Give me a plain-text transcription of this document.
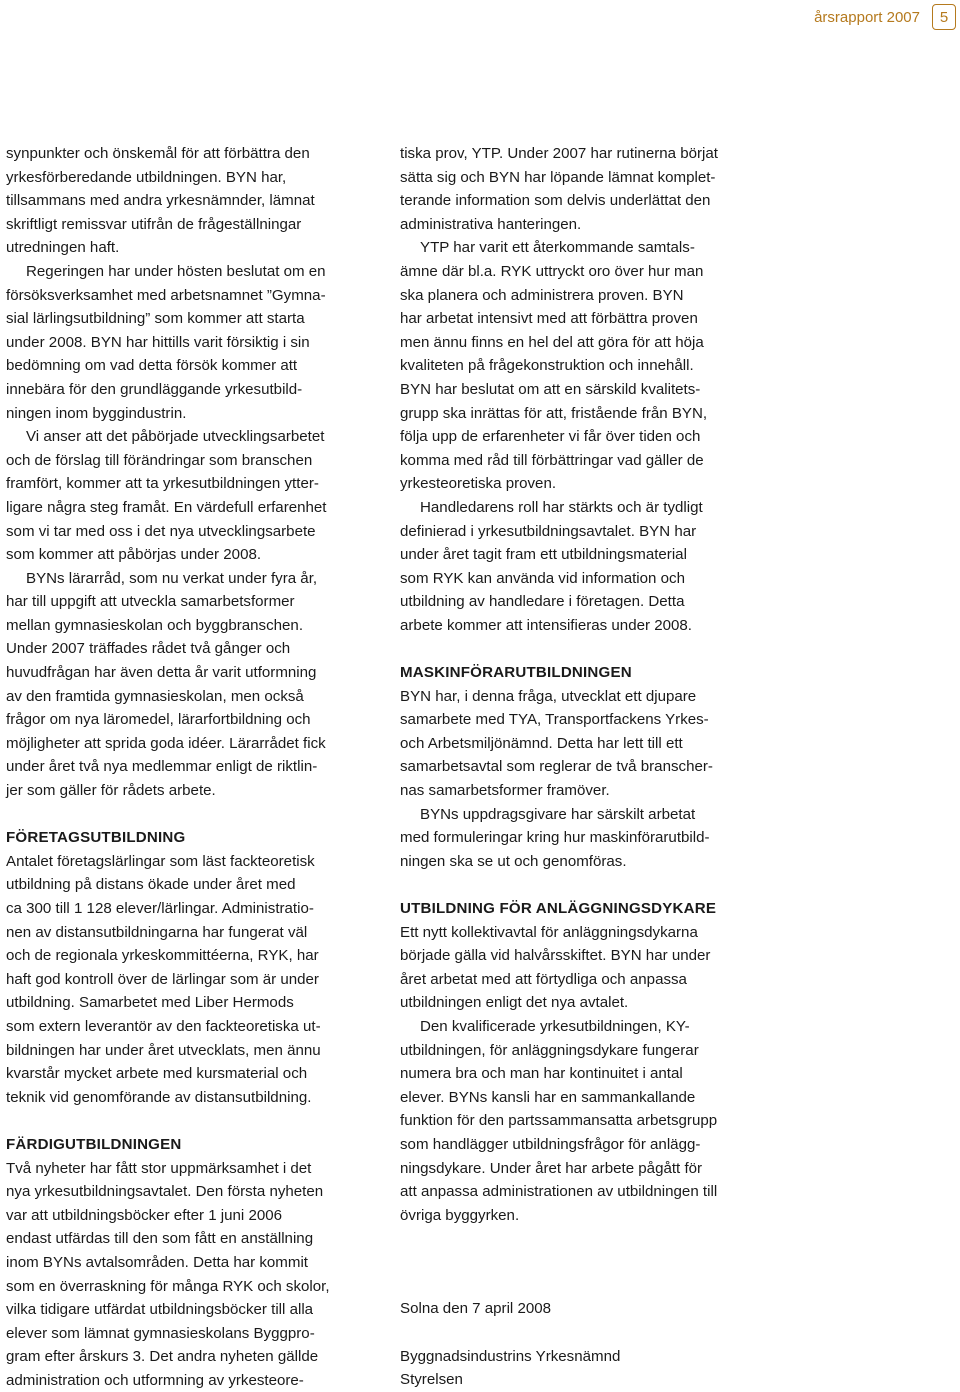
årsrapport 2007	5

synpunkter och önskemål för att förbättra den
yrkesförberedande utbildningen. BYN har,
tillsammans med andra yrkesnämnder, lämnat
skriftligt remissvar utifrån de frågeställningar
utredningen haft.

Regeringen har under hösten beslutat om en
försöksverksamhet med arbetsnamnet ”Gymna-
sial lärlingsutbildning” som kommer att starta
under 2008. BYN har hittills varit försiktig i sin
bedömning om vad detta försök kommer att
innebära för den grundläggande yrkesutbild-
ningen inom byggindustrin.

Vi anser att det påbörjade utvecklingsarbetet
och de förslag till förändringar som branschen
framfört, kommer att ta yrkesutbildningen ytter-
ligare några steg framåt. En värdefull erfarenhet
som vi tar med oss i det nya utvecklingsarbete
som kommer att påbörjas under 2008.

BYNs lärarråd, som nu verkat under fyra år,
har till uppgift att utveckla samarbetsformer
mellan gymnasieskolan och byggbranschen.
Under 2007 träffades rådet två gånger och
huvudfrågan har även detta år varit utformning
av den framtida gymnasieskolan, men också
frågor om nya läromedel, lärarfortbildning och
möjligheter att sprida goda idéer. Lärarrådet fick
under året två nya medlemmar enligt de riktlin-
jer som gäller för rådets arbete.

FÖRETAGSUTBILDNING

Antalet företagslärlingar som läst fackteoretisk
utbildning på distans ökade under året med
ca 300 till 1 128 elever/lärlingar. Administratio-
nen av distansutbildningarna har fungerat väl
och de regionala yrkeskommittéerna, RYK, har
haft god kontroll över de lärlingar som är under
utbildning. Samarbetet med Liber Hermods
som extern leverantör av den fackteoretiska ut-
bildningen har under året utvecklats, men ännu
kvarstår mycket arbete med kursmaterial och
teknik vid genomförande av distansutbildning.

FÄRDIGUTBILDNINGEN

Två nyheter har fått stor uppmärksamhet i det
nya yrkesutbildningsavtalet. Den första nyheten
var att utbildningsböcker efter 1 juni 2006
endast utfärdas till den som fått en anställning
inom BYNs avtalsområden. Detta har kommit
som en överraskning för många RYK och skolor,
vilka tidigare utfärdat utbildningsböcker till alla
elever som lämnat gymnasieskolans Byggpro-
gram efter årskurs 3. Det andra nyheten gällde
administration och utformning av yrkesteore-

tiska prov, YTP. Under 2007 har rutinerna börjat
sätta sig och BYN har löpande lämnat komplet-
terande information som delvis underlättat den
administrativa hanteringen.

YTP har varit ett återkommande samtals-
ämne där bl.a. RYK uttryckt oro över hur man
ska planera och administrera proven. BYN
har arbetat intensivt med att förbättra proven
men ännu finns en hel del att göra för att höja
kvaliteten på frågekonstruktion och innehåll.
BYN har beslutat om att en särskild kvalitets-
grupp ska inrättas för att, fristående från BYN,
följa upp de erfarenheter vi får över tiden och
komma med råd till förbättringar vad gäller de
yrkesteoretiska proven.

Handledarens roll har stärkts och är tydligt
definierad i yrkesutbildningsavtalet. BYN har
under året tagit fram ett utbildningsmaterial
som RYK kan använda vid information och
utbildning av handledare i företagen. Detta
arbete kommer att intensifieras under 2008.

MASKINFÖRARUTBILDNINGEN

BYN har, i denna fråga, utvecklat ett djupare
samarbete med TYA, Transportfackens Yrkes-
och Arbetsmiljönämnd. Detta har lett till ett
samarbetsavtal som reglerar de två branscher-
nas samarbetsformer framöver.

BYNs uppdragsgivare har särskilt arbetat
med formuleringar kring hur maskinförarutbild-
ningen ska se ut och genomföras.

UTBILDNING FÖR ANLÄGGNINGSDYKARE

Ett nytt kollektivavtal för anläggningsdykarna
började gälla vid halvårsskiftet. BYN har under
året arbetat med att förtydliga och anpassa
utbildningen enligt det nya avtalet.

Den kvalificerade yrkesutbildningen, KY-
utbildningen, för anläggningsdykare fungerar
numera bra och man har kontinuitet i antal
elever. BYNs kansli har en sammankallande
funktion för den partssammansatta arbetsgrupp
som handlägger utbildningsfrågor för anlägg-
ningsdykare. Under året har arbete pågått för
att anpassa administrationen av utbildningen till
övriga byggyrken.

Solna den 7 april 2008

Byggnadsindustrins Yrkesnämnd

Styrelsen
